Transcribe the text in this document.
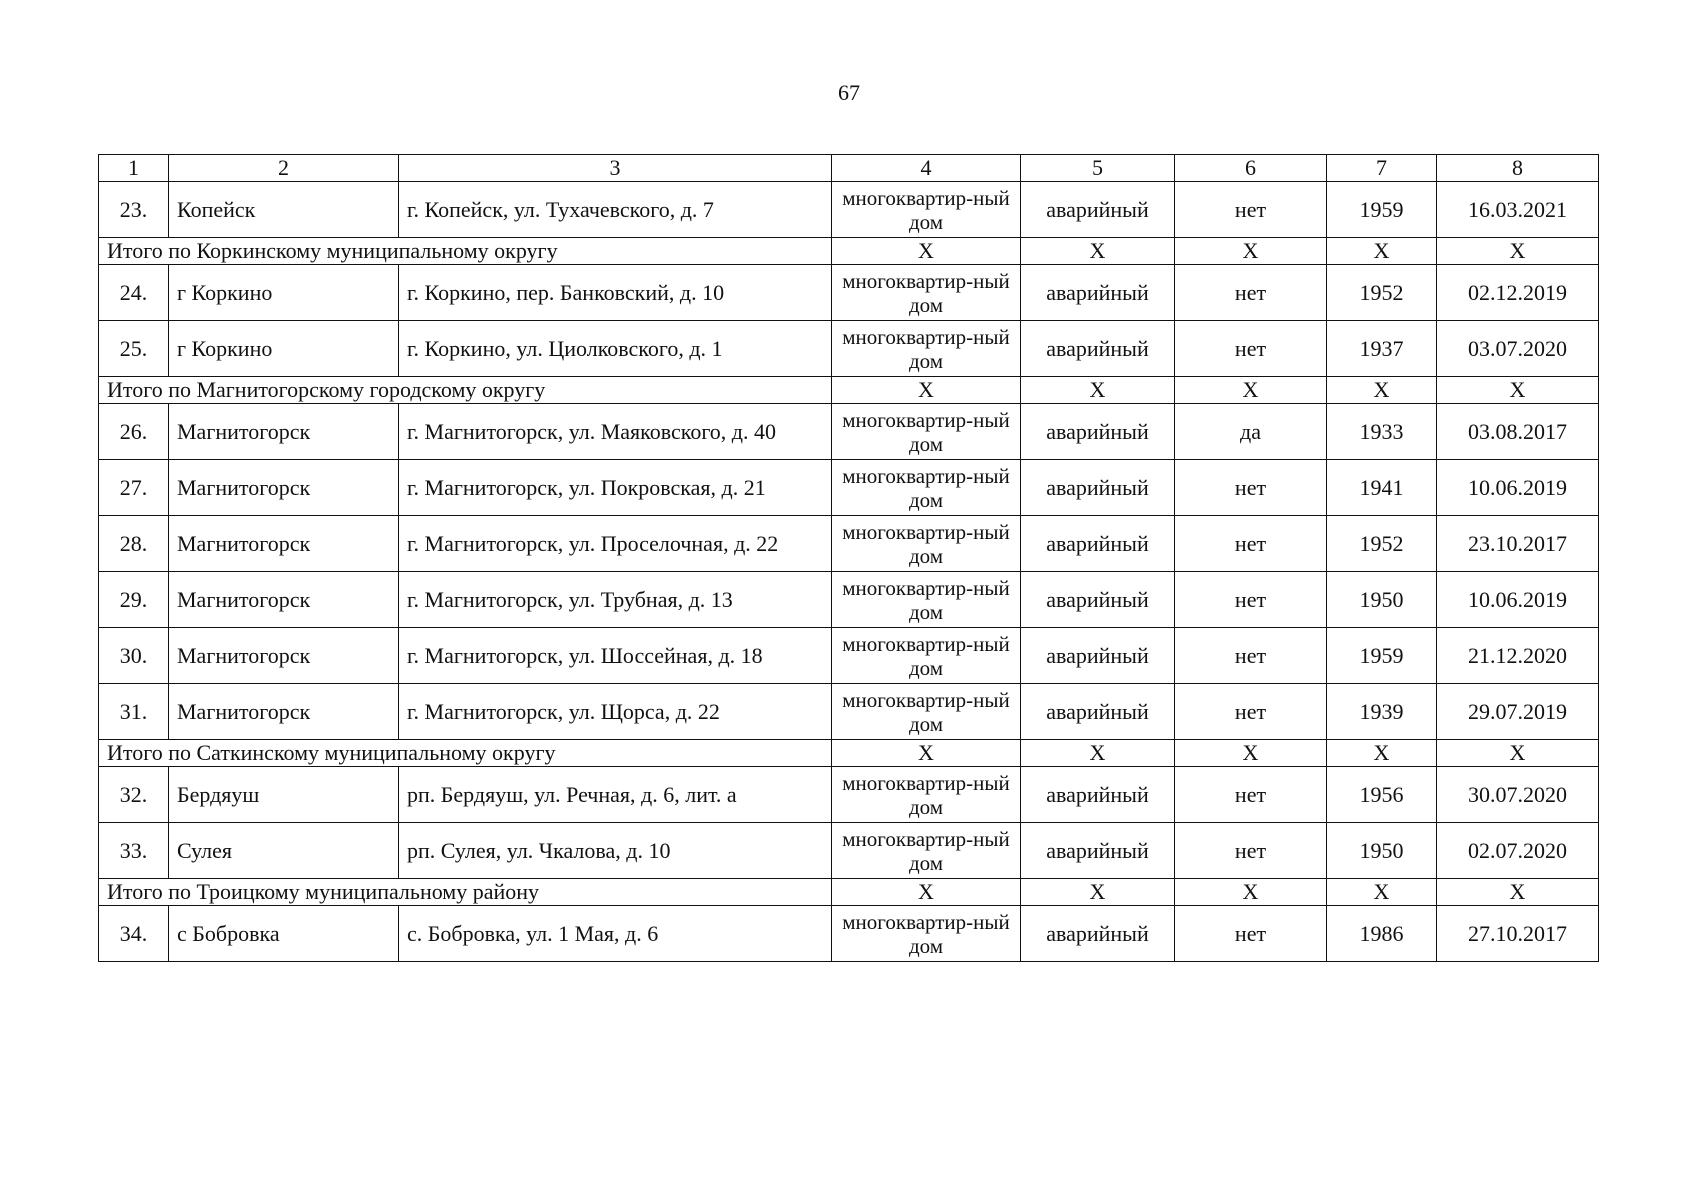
67
1	2	3	4	5	6	7	8
23.	Копейск	г. Копейск, ул. Тухачевского, д. 7	многоквартир-ный дом	аварийный	нет	1959	16.03.2021
Итого по Коркинскому муниципальному округу			X	X	X	X	X
24.	г Коркино	г. Коркино, пер. Банковский, д. 10	многоквартир-ный дом	аварийный	нет	1952	02.12.2019
25.	г Коркино	г. Коркино, ул. Циолковского, д. 1	многоквартир-ный дом	аварийный	нет	1937	03.07.2020
Итого по Магнитогорскому городскому округу			X	X	X	X	X
26.	Магнитогорск	г. Магнитогорск, ул. Маяковского, д. 40	многоквартир-ный дом	аварийный	да	1933	03.08.2017
27.	Магнитогорск	г. Магнитогорск, ул. Покровская, д. 21	многоквартир-ный дом	аварийный	нет	1941	10.06.2019
28.	Магнитогорск	г. Магнитогорск, ул. Проселочная, д. 22	многоквартир-ный дом	аварийный	нет	1952	23.10.2017
29.	Магнитогорск	г. Магнитогорск, ул. Трубная, д. 13	многоквартир-ный дом	аварийный	нет	1950	10.06.2019
30.	Магнитогорск	г. Магнитогорск, ул. Шоссейная, д. 18	многоквартир-ный дом	аварийный	нет	1959	21.12.2020
31.	Магнитогорск	г. Магнитогорск, ул. Щорса, д. 22	многоквартир-ный дом	аварийный	нет	1939	29.07.2019
Итого по Саткинскому муниципальному округу			X	X	X	X	X
32.	Бердяуш	рп. Бердяуш, ул. Речная, д. 6, лит. а	многоквартир-ный дом	аварийный	нет	1956	30.07.2020
33.	Сулея	рп. Сулея, ул. Чкалова, д. 10	многоквартир-ный дом	аварийный	нет	1950	02.07.2020
Итого по Троицкому муниципальному району			X	X	X	X	X
34.	с Бобровка	с. Бобровка, ул. 1 Мая, д. 6	многоквартир-ный дом	аварийный	нет	1986	27.10.2017
